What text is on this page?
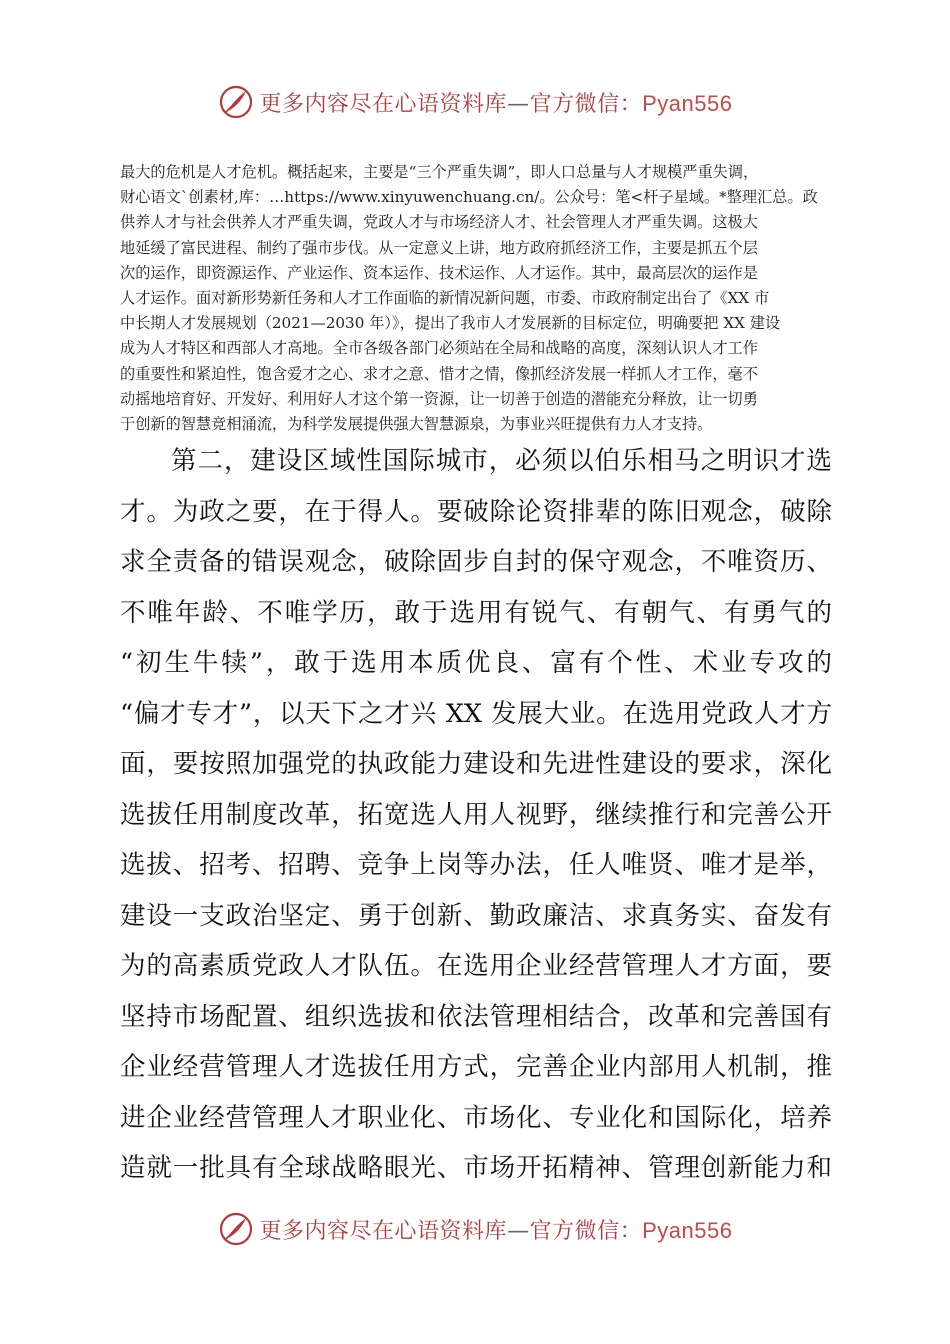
更多内容尽在心语资料库—官方微信：Pyan556
最大的危机是人才危机。概括起来，主要是“三个严重失调”，即人口总量与人才规模严重失调，
财心语文`创素材,库：…https://www.xinyuwenchuang.cn/。公众号：笔<杆子星域。*整理汇总。政
供养人才与社会供养人才严重失调，党政人才与市场经济人才、社会管理人才严重失调。这极大
地延缓了富民进程、制约了强市步伐。从一定意义上讲，地方政府抓经济工作，主要是抓五个层
次的运作，即资源运作、产业运作、资本运作、技术运作、人才运作。其中，最高层次的运作是
人才运作。面对新形势新任务和人才工作面临的新情况新问题，市委、市政府制定出台了《XX 市
中长期人才发展规划（2021—2030 年）》，提出了我市人才发展新的目标定位，明确要把 XX 建设
成为人才特区和西部人才高地。全市各级各部门必须站在全局和战略的高度，深刻认识人才工作
的重要性和紧迫性，饱含爱才之心、求才之意、惜才之情，像抓经济发展一样抓人才工作，毫不
动摇地培育好、开发好、利用好人才这个第一资源，让一切善于创造的潜能充分释放，让一切勇
于创新的智慧竞相涌流，为科学发展提供强大智慧源泉，为事业兴旺提供有力人才支持。
第二，建设区域性国际城市，必须以伯乐相马之明识才选
才。为政之要，在于得人。要破除论资排辈的陈旧观念，破除
求全责备的错误观念，破除固步自封的保守观念，不唯资历、
不唯年龄、不唯学历，敢于选用有锐气、有朝气、有勇气的
“初生牛犊”，敢于选用本质优良、富有个性、术业专攻的
“偏才专才”，以天下之才兴 XX 发展大业。在选用党政人才方
面，要按照加强党的执政能力建设和先进性建设的要求，深化
选拔任用制度改革，拓宽选人用人视野，继续推行和完善公开
选拔、招考、招聘、竞争上岗等办法，任人唯贤、唯才是举，
建设一支政治坚定、勇于创新、勤政廉洁、求真务实、奋发有
为的高素质党政人才队伍。在选用企业经营管理人才方面，要
坚持市场配置、组织选拔和依法管理相结合，改革和完善国有
企业经营管理人才选拔任用方式，完善企业内部用人机制，推
进企业经营管理人才职业化、市场化、专业化和国际化，培养
造就一批具有全球战略眼光、市场开拓精神、管理创新能力和
更多内容尽在心语资料库—官方微信：Pyan556
